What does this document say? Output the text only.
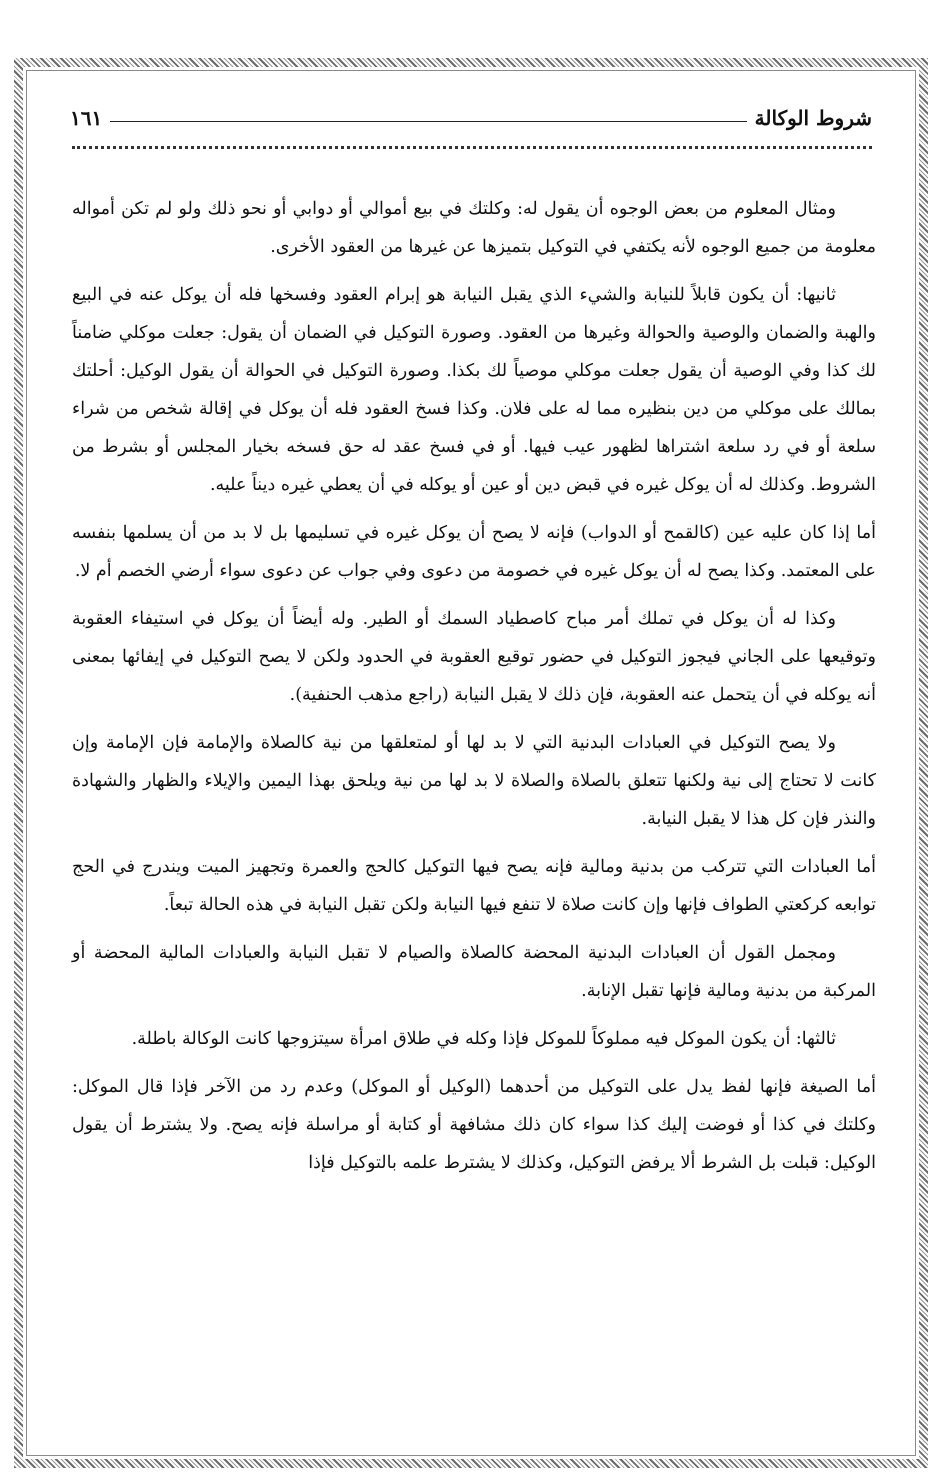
شروط الوكالة
١٦١

ومثال المعلوم من بعض الوجوه أن يقول له: وكلتك في بيع أموالي أو دوابي أو نحو ذلك ولو لم تكن أمواله معلومة من جميع الوجوه لأنه يكتفي في التوكيل بتميزها عن غيرها من العقود الأخرى.

ثانيها: أن يكون قابلاً للنيابة والشيء الذي يقبل النيابة هو إبرام العقود وفسخها فله أن يوكل عنه في البيع والهبة والضمان والوصية والحوالة وغيرها من العقود. وصورة التوكيل في الضمان أن يقول: جعلت موكلي ضامناً لك كذا وفي الوصية أن يقول جعلت موكلي موصياً لك بكذا. وصورة التوكيل في الحوالة أن يقول الوكيل: أحلتك بمالك على موكلي من دين بنظيره مما له على فلان. وكذا فسخ العقود فله أن يوكل في إقالة شخص من شراء سلعة أو في رد سلعة اشتراها لظهور عيب فيها. أو في فسخ عقد له حق فسخه بخيار المجلس أو بشرط من الشروط. وكذلك له أن يوكل غيره في قبض دين أو عين أو يوكله في أن يعطي غيره ديناً عليه.

أما إذا كان عليه عين (كالقمح أو الدواب) فإنه لا يصح أن يوكل غيره في تسليمها بل لا بد من أن يسلمها بنفسه على المعتمد. وكذا يصح له أن يوكل غيره في خصومة من دعوى وفي جواب عن دعوى سواء أرضي الخصم أم لا.

وكذا له أن يوكل في تملك أمر مباح كاصطياد السمك أو الطير. وله أيضاً أن يوكل في استيفاء العقوبة وتوقيعها على الجاني فيجوز التوكيل في حضور توقيع العقوبة في الحدود ولكن لا يصح التوكيل في إيفائها بمعنى أنه يوكله في أن يتحمل عنه العقوبة، فإن ذلك لا يقبل النيابة (راجع مذهب الحنفية).

ولا يصح التوكيل في العبادات البدنية التي لا بد لها أو لمتعلقها من نية كالصلاة والإمامة فإن الإمامة وإن كانت لا تحتاج إلى نية ولكنها تتعلق بالصلاة والصلاة لا بد لها من نية ويلحق بهذا اليمين والإيلاء والظهار والشهادة والنذر فإن كل هذا لا يقبل النيابة.

أما العبادات التي تتركب من بدنية ومالية فإنه يصح فيها التوكيل كالحج والعمرة وتجهيز الميت ويندرج في الحج توابعه كركعتي الطواف فإنها وإن كانت صلاة لا تنفع فيها النيابة ولكن تقبل النيابة في هذه الحالة تبعاً.

ومجمل القول أن العبادات البدنية المحضة كالصلاة والصيام لا تقبل النيابة والعبادات المالية المحضة أو المركبة من بدنية ومالية فإنها تقبل الإنابة.

ثالثها: أن يكون الموكل فيه مملوكاً للموكل فإذا وكله في طلاق امرأة سيتزوجها كانت الوكالة باطلة.

أما الصيغة فإنها لفظ يدل على التوكيل من أحدهما (الوكيل أو الموكل) وعدم رد من الآخر فإذا قال الموكل: وكلتك في كذا أو فوضت إليك كذا سواء كان ذلك مشافهة أو كتابة أو مراسلة فإنه يصح. ولا يشترط أن يقول الوكيل: قبلت بل الشرط ألا يرفض التوكيل، وكذلك لا يشترط علمه بالتوكيل فإذا
